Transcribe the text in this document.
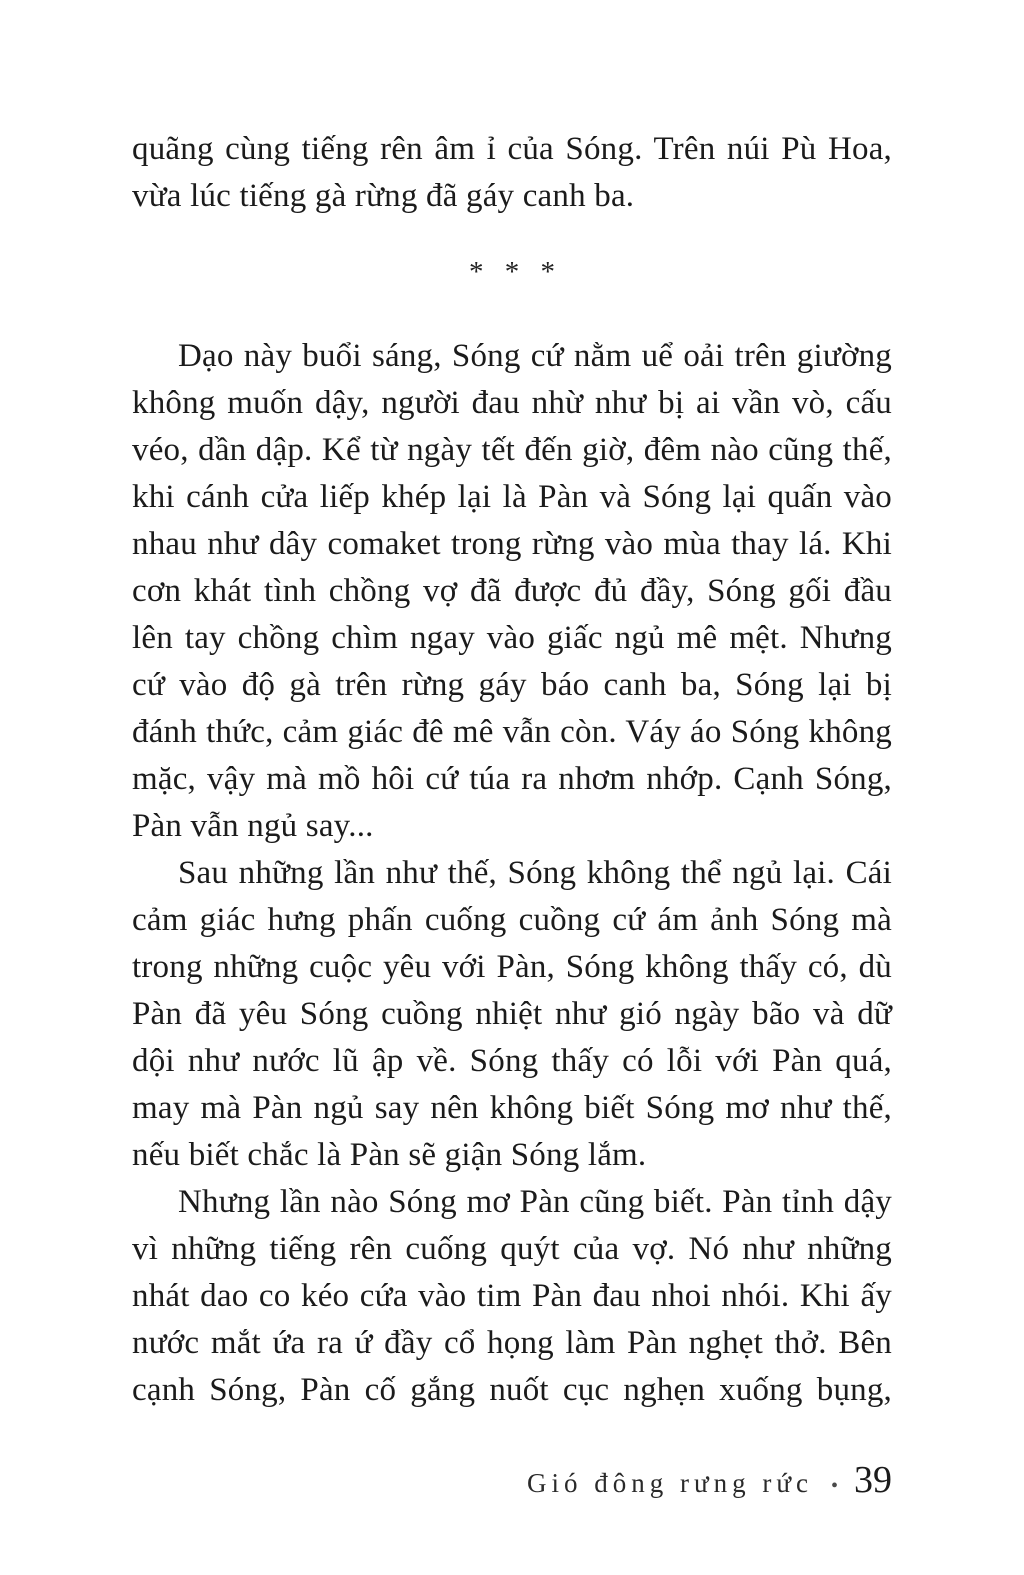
quãng cùng tiếng rên âm ỉ của Sóng. Trên núi Pù Hoa, vừa lúc tiếng gà rừng đã gáy canh ba.

* * *

Dạo này buổi sáng, Sóng cứ nằm uể oải trên giường không muốn dậy, người đau nhừ như bị ai vần vò, cấu véo, dần dập. Kể từ ngày tết đến giờ, đêm nào cũng thế, khi cánh cửa liếp khép lại là Pàn và Sóng lại quấn vào nhau như dây comaket trong rừng vào mùa thay lá. Khi cơn khát tình chồng vợ đã được đủ đầy, Sóng gối đầu lên tay chồng chìm ngay vào giấc ngủ mê mệt. Nhưng cứ vào độ gà trên rừng gáy báo canh ba, Sóng lại bị đánh thức, cảm giác đê mê vẫn còn. Váy áo Sóng không mặc, vậy mà mồ hôi cứ túa ra nhơm nhớp. Cạnh Sóng, Pàn vẫn ngủ say...

Sau những lần như thế, Sóng không thể ngủ lại. Cái cảm giác hưng phấn cuống cuồng cứ ám ảnh Sóng mà trong những cuộc yêu với Pàn, Sóng không thấy có, dù Pàn đã yêu Sóng cuồng nhiệt như gió ngày bão và dữ dội như nước lũ ập về. Sóng thấy có lỗi với Pàn quá, may mà Pàn ngủ say nên không biết Sóng mơ như thế, nếu biết chắc là Pàn sẽ giận Sóng lắm.

Nhưng lần nào Sóng mơ Pàn cũng biết. Pàn tỉnh dậy vì những tiếng rên cuống quýt của vợ. Nó như những nhát dao co kéo cứa vào tim Pàn đau nhoi nhói. Khi ấy nước mắt ứa ra ứ đầy cổ họng làm Pàn nghẹt thở. Bên cạnh Sóng, Pàn cố gắng nuốt cục nghẹn xuống bụng,

Gió đông rưng rức • 39
